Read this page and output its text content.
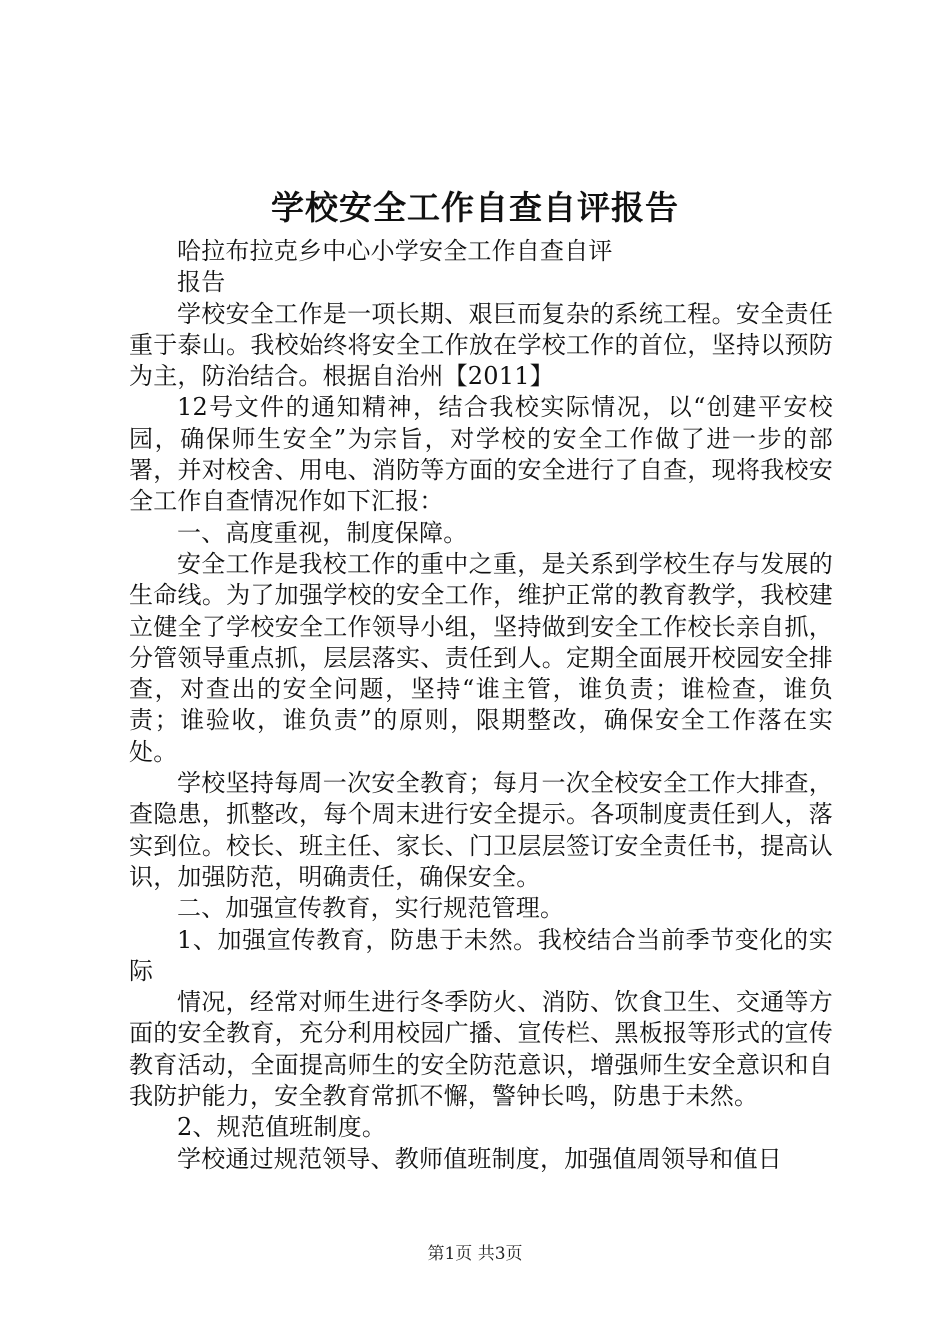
学校安全工作自查自评报告

哈拉布拉克乡中心小学安全工作自查自评

报告

学校安全工作是一项长期、艰巨而复杂的系统工程。安全责任重于泰山。我校始终将安全工作放在学校工作的首位，坚持以预防为主，防治结合。根据自治州【2011】

12号文件的通知精神，结合我校实际情况，以“创建平安校园，确保师生安全”为宗旨，对学校的安全工作做了进一步的部署，并对校舍、用电、消防等方面的安全进行了自查，现将我校安全工作自查情况作如下汇报：

一、高度重视，制度保障。

安全工作是我校工作的重中之重，是关系到学校生存与发展的生命线。为了加强学校的安全工作，维护正常的教育教学，我校建立健全了学校安全工作领导小组，坚持做到安全工作校长亲自抓，分管领导重点抓，层层落实、责任到人。定期全面展开校园安全排查，对查出的安全问题，坚持“谁主管，谁负责；谁检查，谁负责；谁验收，谁负责”的原则，限期整改，确保安全工作落在实处。

学校坚持每周一次安全教育；每月一次全校安全工作大排查，查隐患，抓整改，每个周末进行安全提示。各项制度责任到人，落实到位。校长、班主任、家长、门卫层层签订安全责任书，提高认识，加强防范，明确责任，确保安全。

二、加强宣传教育，实行规范管理。

1、加强宣传教育，防患于未然。我校结合当前季节变化的实际

情况，经常对师生进行冬季防火、消防、饮食卫生、交通等方面的安全教育，充分利用校园广播、宣传栏、黑板报等形式的宣传教育活动，全面提高师生的安全防范意识，增强师生安全意识和自我防护能力，安全教育常抓不懈，警钟长鸣，防患于未然。

2、规范值班制度。

学校通过规范领导、教师值班制度，加强值周领导和值日

第1页 共3页
